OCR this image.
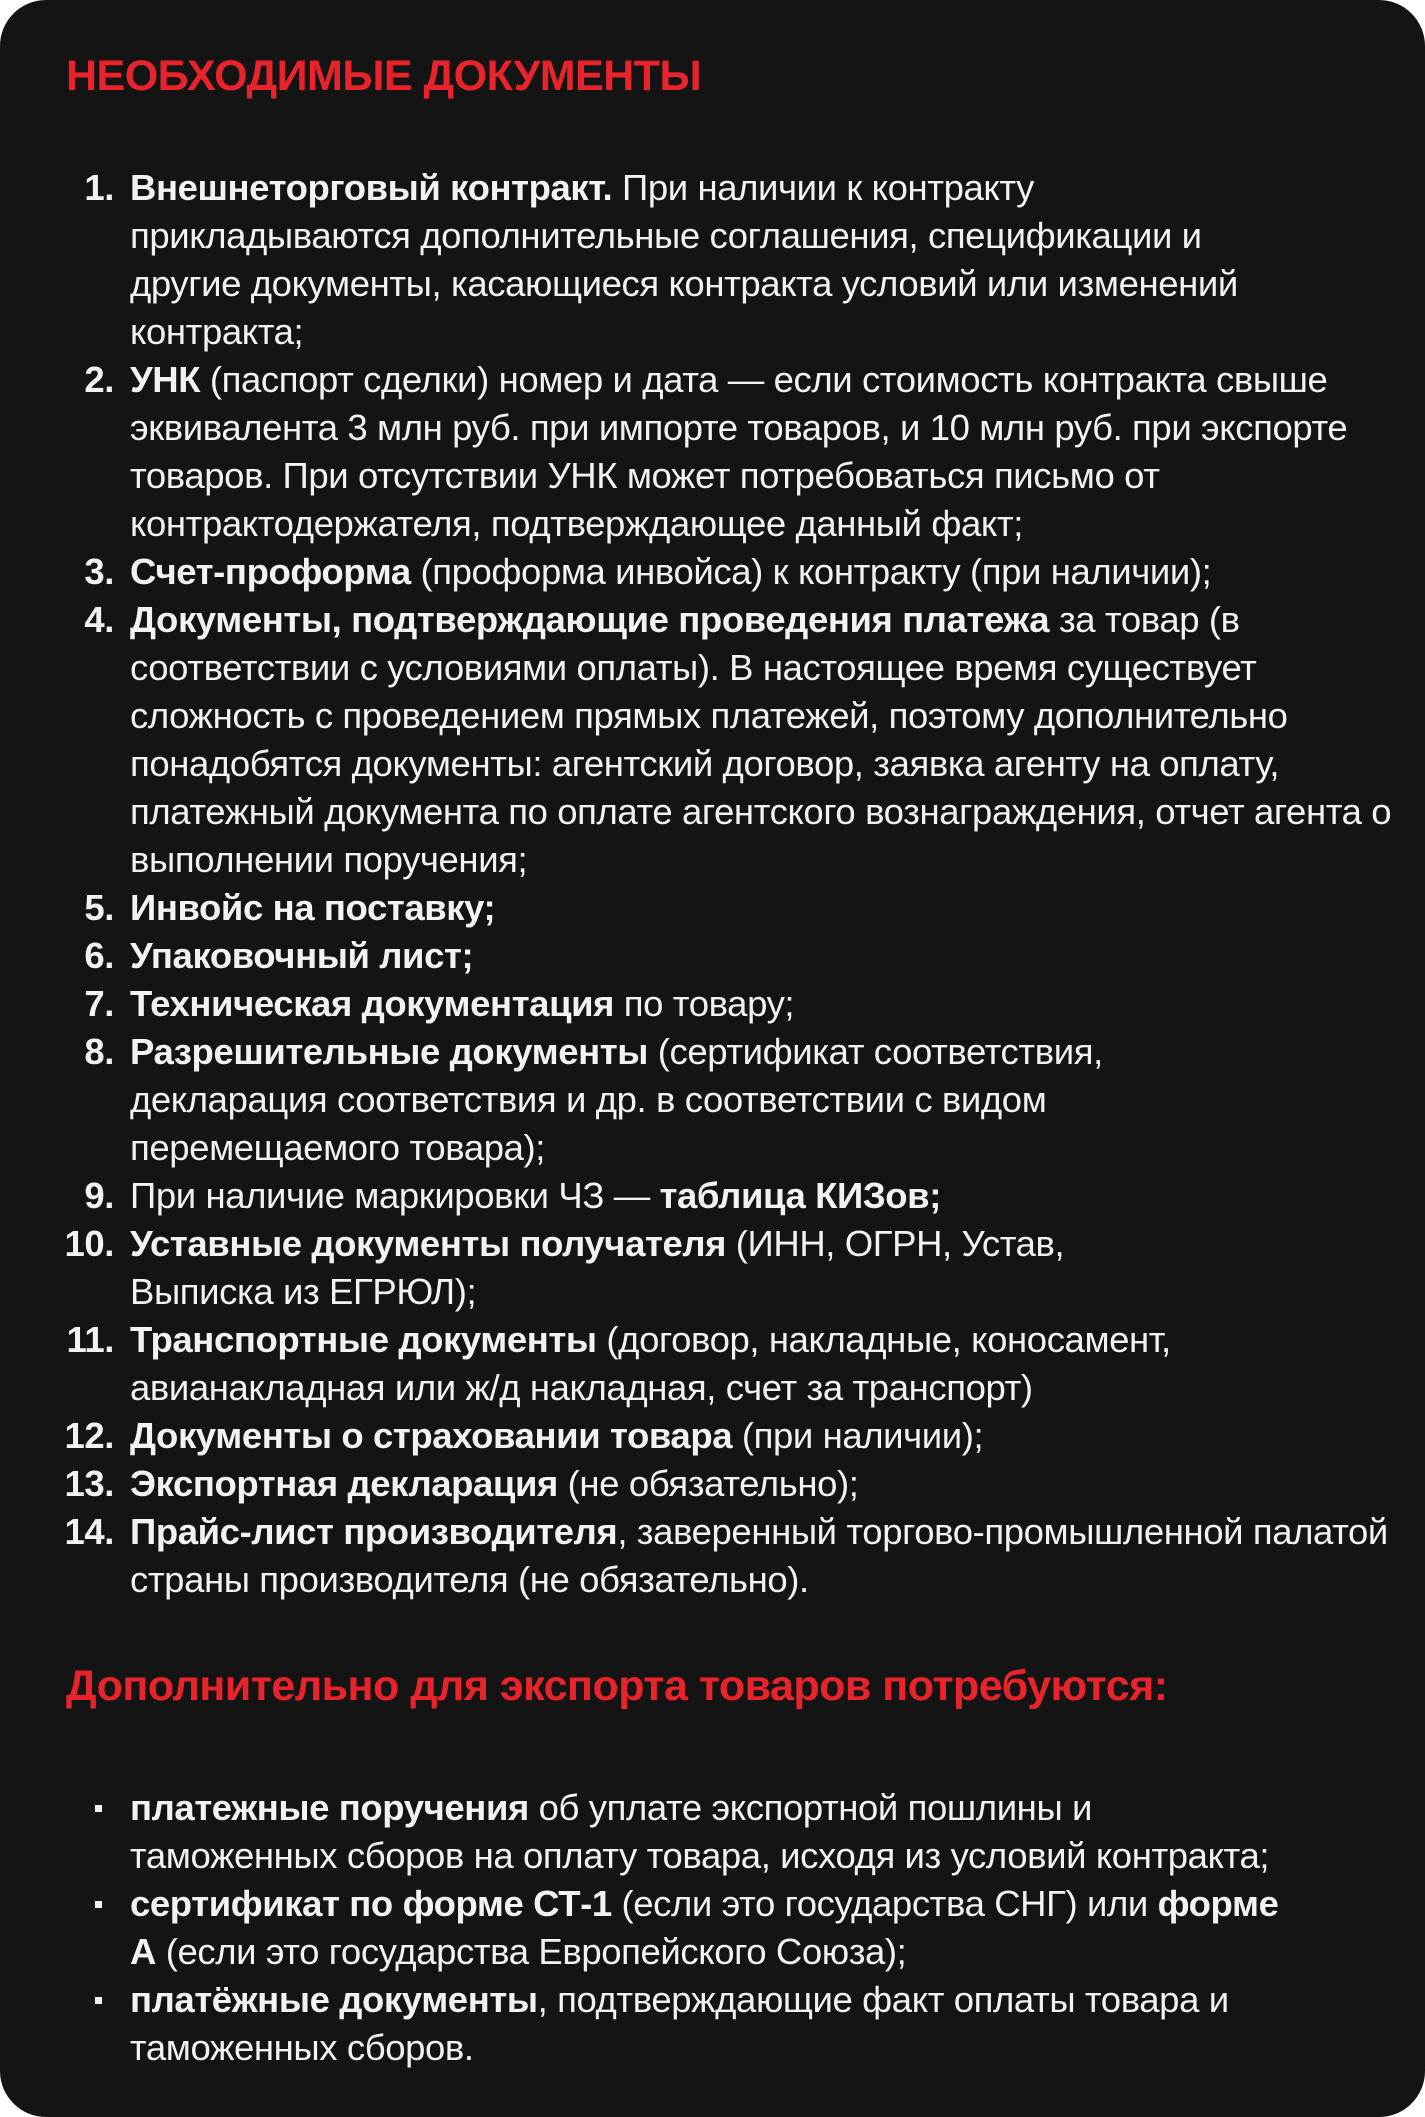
НЕОБХОДИМЫЕ ДОКУМЕНТЫ
1. Внешнеторговый контракт. При наличии к контракту прикладываются дополнительные соглашения, спецификации и другие документы, касающиеся контракта условий или изменений контракта;
2. УНК (паспорт сделки) номер и дата — если стоимость контракта свыше эквивалента 3 млн руб. при импорте товаров, и 10 млн руб. при экспорте товаров. При отсутствии УНК может потребоваться письмо от контрактодержателя, подтверждающее данный факт;
3. Счет-проформа (проформа инвойса) к контракту (при наличии);
4. Документы, подтверждающие проведения платежа за товар (в соответствии с условиями оплаты). В настоящее время существует сложность с проведением прямых платежей, поэтому дополнительно понадобятся документы: агентский договор, заявка агенту на оплату, платежный документа по оплате агентского вознаграждения, отчет агента о выполнении поручения;
5. Инвойс на поставку;
6. Упаковочный лист;
7. Техническая документация по товару;
8. Разрешительные документы (сертификат соответствия, декларация соответствия и др. в соответствии с видом перемещаемого товара);
9. При наличие маркировки ЧЗ — таблица КИЗов;
10. Уставные документы получателя (ИНН, ОГРН, Устав, Выписка из ЕГРЮЛ);
11. Транспортные документы (договор, накладные, коносамент, авианакладная или ж/д накладная, счет за транспорт)
12. Документы о страховании товара (при наличии);
13. Экспортная декларация (не обязательно);
14. Прайс-лист производителя, заверенный торгово-промышленной палатой страны производителя (не обязательно).
Дополнительно для экспорта товаров потребуются:
платежные поручения об уплате экспортной пошлины и таможенных сборов на оплату товара, исходя из условий контракта;
сертификат по форме СТ-1 (если это государства СНГ) или форме А (если это государства Европейского Союза);
платёжные документы, подтверждающие факт оплаты товара и таможенных сборов.
